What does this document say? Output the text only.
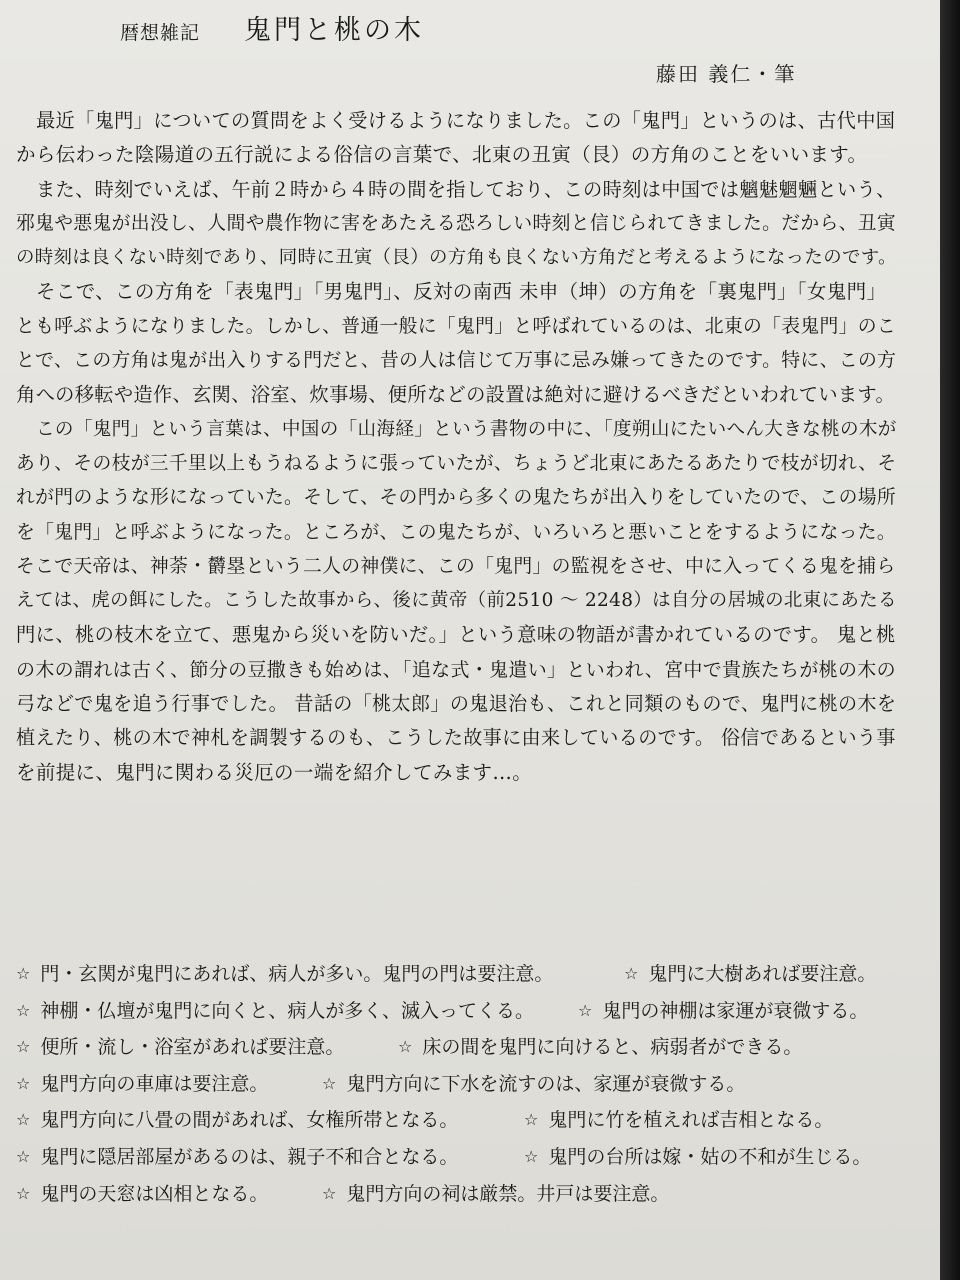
暦想雑記 鬼門と桃の木
藤田 義仁・筆
最近「鬼門」についての質問をよく受けるようになりました。この「鬼門」というのは、古代中国
から伝わった陰陽道の五行説による俗信の言葉で、北東の丑寅（艮）の方角のことをいいます。
また、時刻でいえば、午前２時から４時の間を指しており、この時刻は中国では魑魅魍魎という、
邪鬼や悪鬼が出没し、人間や農作物に害をあたえる恐ろしい時刻と信じられてきました。だから、丑寅
の時刻は良くない時刻であり、同時に丑寅（艮）の方角も良くない方角だと考えるようになったのです。
そこで、この方角を「表鬼門」「男鬼門」、反対の南西 未申（坤）の方角を「裏鬼門」「女鬼門」
とも呼ぶようになりました。しかし、普通一般に「鬼門」と呼ばれているのは、北東の「表鬼門」のこ
とで、この方角は鬼が出入りする門だと、昔の人は信じて万事に忌み嫌ってきたのです。特に、この方
角への移転や造作、玄関、浴室、炊事場、便所などの設置は絶対に避けるべきだといわれています。
この「鬼門」という言葉は、中国の「山海経」という書物の中に、「度朔山にたいへん大きな桃の木が
あり、その枝が三千里以上もうねるように張っていたが、ちょうど北東にあたるあたりで枝が切れ、そ
れが門のような形になっていた。そして、その門から多くの鬼たちが出入りをしていたので、この場所
を「鬼門」と呼ぶようになった。ところが、この鬼たちが、いろいろと悪いことをするようになった。
そこで天帝は、神荼・欝塁という二人の神僕に、この「鬼門」の監視をさせ、中に入ってくる鬼を捕ら
えては、虎の餌にした。こうした故事から、後に黄帝（前2510 ～ 2248）は自分の居城の北東にあたる
門に、桃の枝木を立て、悪鬼から災いを防いだ。」という意味の物語が書かれているのです。 鬼と桃
の木の謂れは古く、節分の豆撒きも始めは、「追な式・鬼遣い」といわれ、宮中で貴族たちが桃の木の
弓などで鬼を追う行事でした。 昔話の「桃太郎」の鬼退治も、これと同類のもので、鬼門に桃の木を
植えたり、桃の木で神札を調製するのも、こうした故事に由来しているのです。 俗信であるという事
を前提に、鬼門に関わる災厄の一端を紹介してみます…。
☆ 門・玄関が鬼門にあれば、病人が多い。鬼門の門は要注意。	☆ 鬼門に大樹あれば要注意。
☆ 神棚・仏壇が鬼門に向くと、病人が多く、滅入ってくる。	☆ 鬼門の神棚は家運が衰微する。
☆ 便所・流し・浴室があれば要注意。	☆ 床の間を鬼門に向けると、病弱者ができる。
☆ 鬼門方向の車庫は要注意。	☆ 鬼門方向に下水を流すのは、家運が衰微する。
☆ 鬼門方向に八畳の間があれば、女権所帯となる。	☆ 鬼門に竹を植えれば吉相となる。
☆ 鬼門に隠居部屋があるのは、親子不和合となる。	☆ 鬼門の台所は嫁・姑の不和が生じる。
☆ 鬼門の天窓は凶相となる。	☆ 鬼門方向の祠は厳禁。井戸は要注意。
